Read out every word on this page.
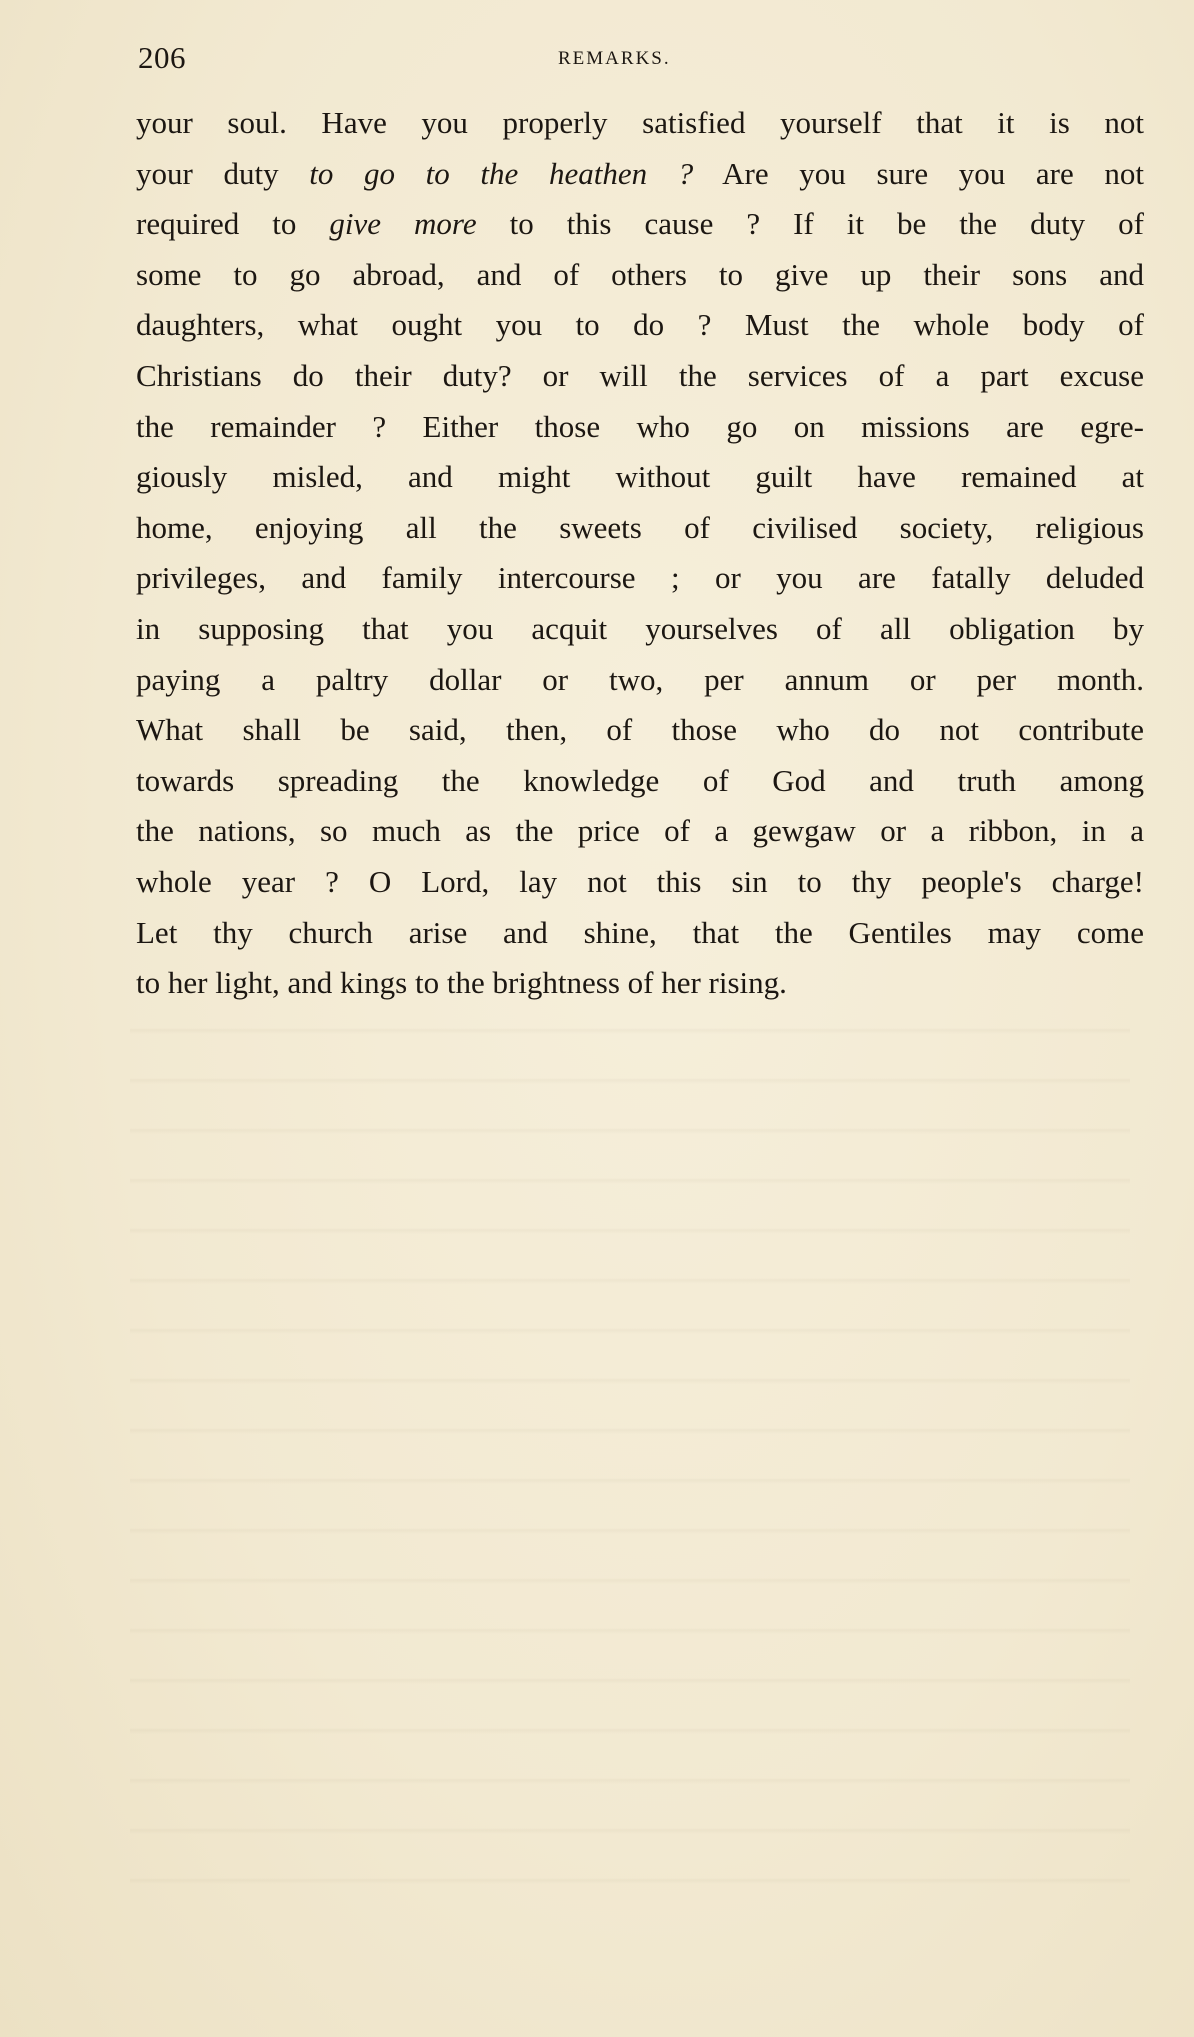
206	REMARKS.
your soul. Have you properly satisfied yourself that it is not
your duty to go to the heathen ? Are you sure you are not
required to give more to this cause ? If it be the duty of
some to go abroad, and of others to give up their sons and
daughters, what ought you to do ? Must the whole body of
Christians do their duty? or will the services of a part excuse
the remainder ? Either those who go on missions are egre-
giously misled, and might without guilt have remained at
home, enjoying all the sweets of civilised society, religious
privileges, and family intercourse ; or you are fatally deluded
in supposing that you acquit yourselves of all obligation by
paying a paltry dollar or two, per annum or per month.
What shall be said, then, of those who do not contribute
towards spreading the knowledge of God and truth among
the nations, so much as the price of a gewgaw or a ribbon, in a
whole year ? O Lord, lay not this sin to thy people's charge!
Let thy church arise and shine, that the Gentiles may come
to her light, and kings to the brightness of her rising.
